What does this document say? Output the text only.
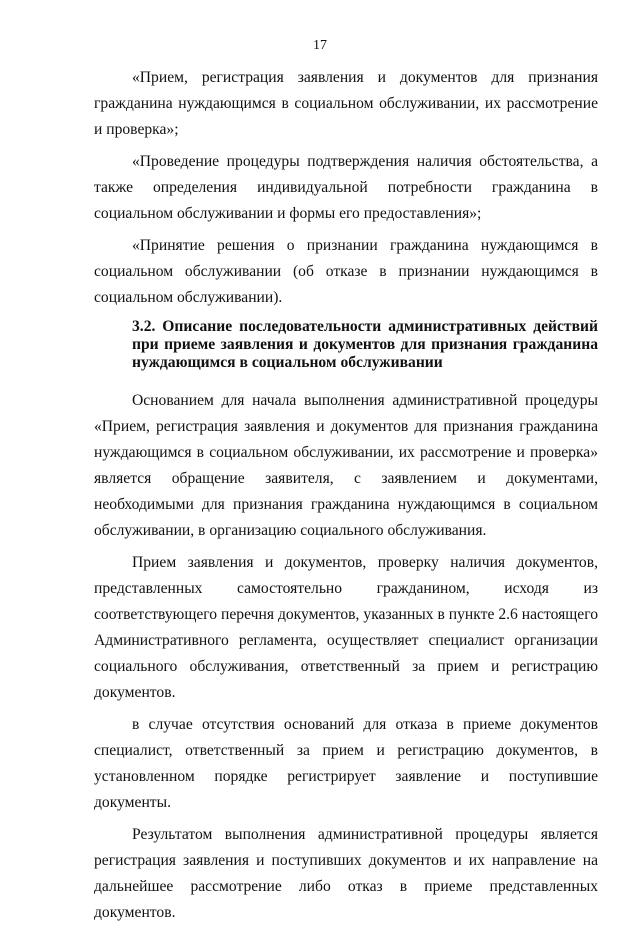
17

«Прием, регистрация заявления и документов для признания гражданина нуждающимся в социальном обслуживании, их рассмотрение и проверка»;

«Проведение процедуры подтверждения наличия обстоятельства, а также определения индивидуальной потребности гражданина в социальном обслуживании и формы его предоставления»;

«Принятие решения о признании гражданина нуждающимся в социальном обслуживании (об отказе в признании нуждающимся в социальном обслуживании).

3.2. Описание последовательности административных действий при приеме заявления и документов для признания гражданина нуждающимся в социальном обслуживании

Основанием для начала выполнения административной процедуры «Прием, регистрация заявления и документов для признания гражданина нуждающимся в социальном обслуживании, их рассмотрение и проверка» является обращение заявителя, с заявлением и документами, необходимыми для признания гражданина нуждающимся в социальном обслуживании, в организацию социального обслуживания.

Прием заявления и документов, проверку наличия документов, представленных самостоятельно гражданином, исходя из соответствующего перечня документов, указанных в пункте 2.6 настоящего Административного регламента, осуществляет специалист организации социального обслуживания, ответственный за прием и регистрацию документов.

в случае отсутствия оснований для отказа в приеме документов специалист, ответственный за прием и регистрацию документов, в установленном порядке регистрирует заявление и поступившие документы.

Результатом выполнения административной процедуры является регистрация заявления и поступивших документов и их направление на дальнейшее рассмотрение либо отказ в приеме представленных документов.
